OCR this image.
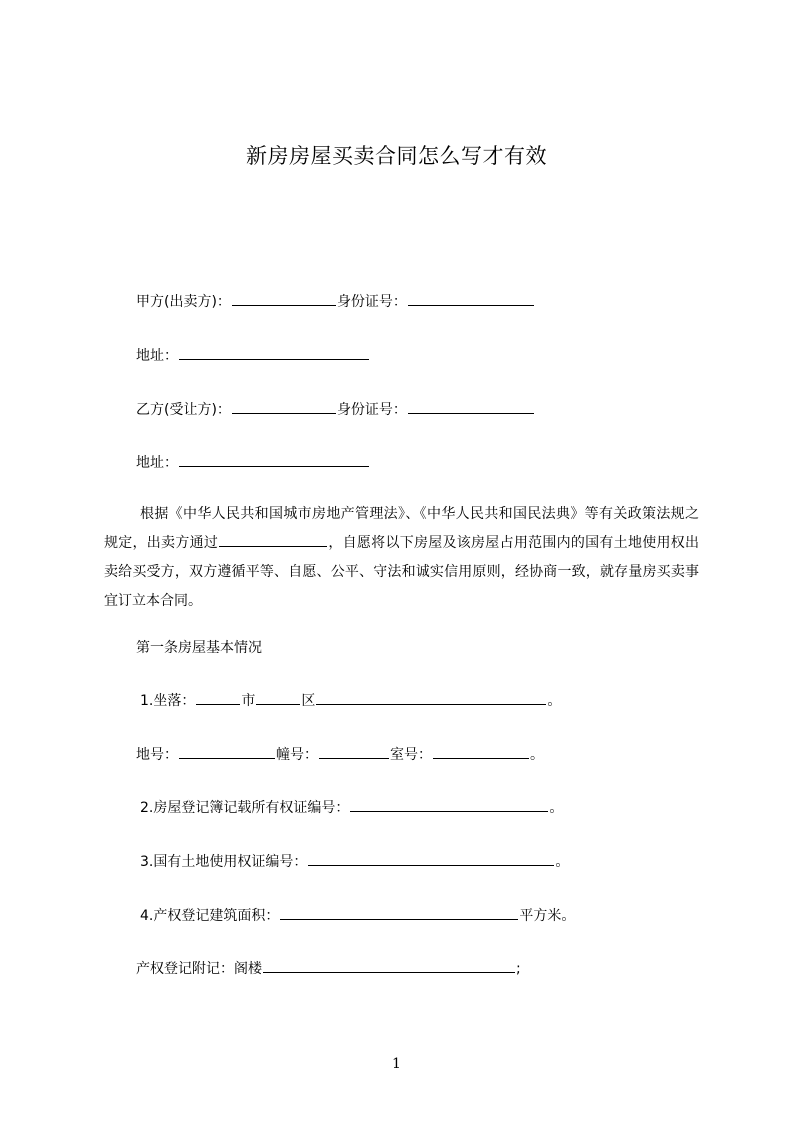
新房房屋买卖合同怎么写才有效
甲方(出卖方)：	身份证号：
地址：
乙方(受让方)：	身份证号：
地址：
根据《中华人民共和国城市房地产管理法》、《中华人民共和国民法典》等有关政策法规之规定，出卖方通过	，自愿将以下房屋及该房屋占用范围内的国有土地使用权出卖给买受方，双方遵循平等、自愿、公平、守法和诚实信用原则，经协商一致，就存量房买卖事宜订立本合同。
第一条房屋基本情况
1.坐落：	市	区	。
地号：	幢号：	室号：	。
2.房屋登记簿记载所有权证编号：	。
3.国有土地使用权证编号：	。
4.产权登记建筑面积：	平方米。
产权登记附记：阁楼	;
1
